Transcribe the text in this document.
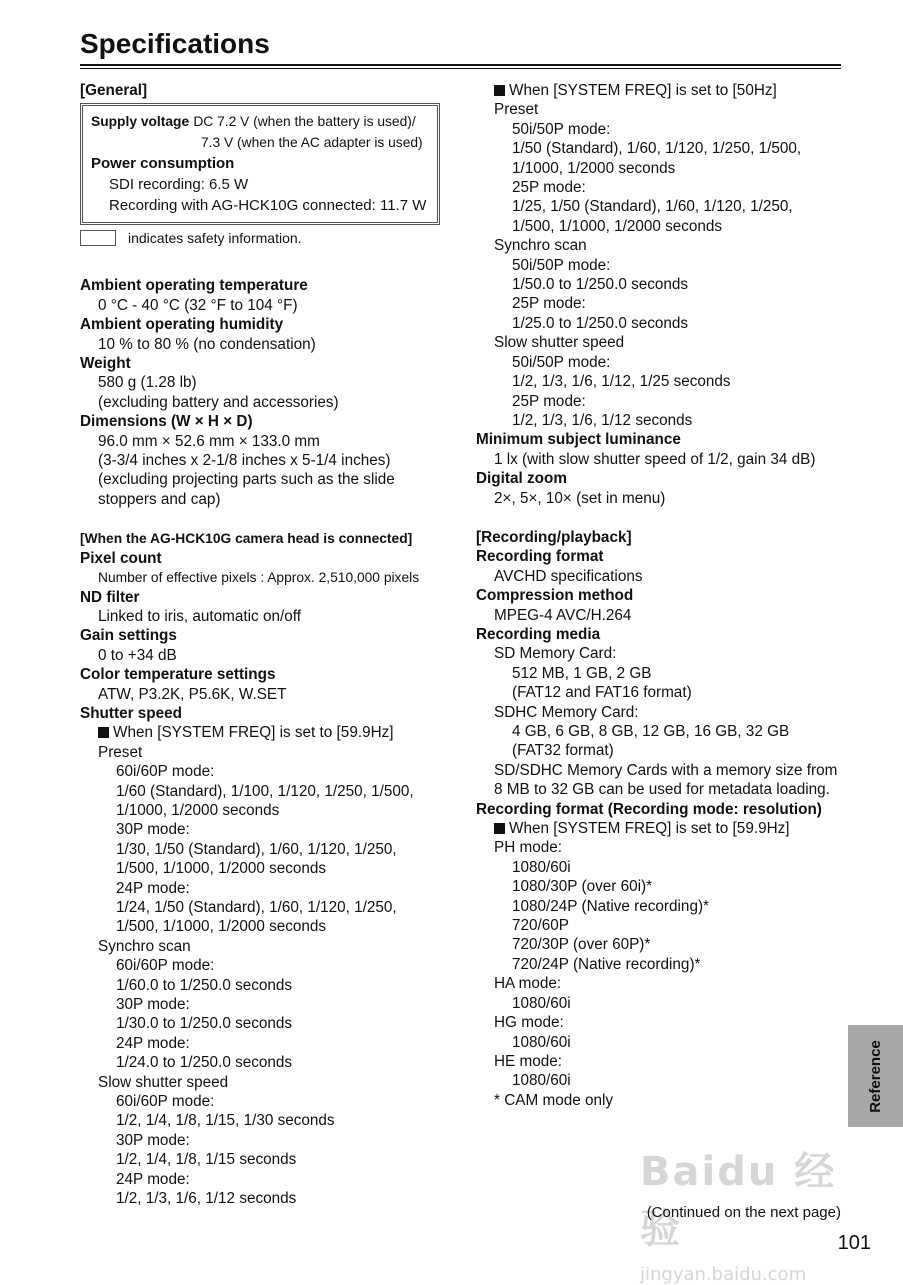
Specifications
[General]
Supply voltage DC 7.2 V (when the battery is used)/
7.3 V (when the AC adapter is used)
Power consumption
SDI recording: 6.5 W
Recording with AG-HCK10G connected: 11.7 W
indicates safety information.
Ambient operating temperature
0 °C - 40 °C (32 °F to 104 °F)
Ambient operating humidity
10 % to 80 % (no condensation)
Weight
580 g (1.28 lb)
(excluding battery and accessories)
Dimensions (W × H × D)
96.0 mm × 52.6 mm × 133.0 mm
(3-3/4 inches x 2-1/8 inches x 5-1/4 inches)
(excluding projecting parts such as the slide
stoppers and cap)
[When the AG-HCK10G camera head is connected]
Pixel count
Number of effective pixels : Approx. 2,510,000 pixels
ND filter
Linked to iris, automatic on/off
Gain settings
0 to +34 dB
Color temperature settings
ATW, P3.2K, P5.6K, W.SET
Shutter speed
When [SYSTEM FREQ] is set to [59.9Hz]
Preset
60i/60P mode:
1/60 (Standard), 1/100, 1/120, 1/250, 1/500,
1/1000, 1/2000 seconds
30P mode:
1/30, 1/50 (Standard), 1/60, 1/120, 1/250,
1/500, 1/1000, 1/2000 seconds
24P mode:
1/24, 1/50 (Standard), 1/60, 1/120, 1/250,
1/500, 1/1000, 1/2000 seconds
Synchro scan
60i/60P mode:
1/60.0 to 1/250.0 seconds
30P mode:
1/30.0 to 1/250.0 seconds
24P mode:
1/24.0 to 1/250.0 seconds
Slow shutter speed
60i/60P mode:
1/2, 1/4, 1/8, 1/15, 1/30 seconds
30P mode:
1/2, 1/4, 1/8, 1/15 seconds
24P mode:
1/2, 1/3, 1/6, 1/12 seconds
When [SYSTEM FREQ] is set to [50Hz]
Preset
50i/50P mode:
1/50 (Standard), 1/60, 1/120, 1/250, 1/500,
1/1000, 1/2000 seconds
25P mode:
1/25, 1/50 (Standard), 1/60, 1/120, 1/250,
1/500, 1/1000, 1/2000 seconds
Synchro scan
50i/50P mode:
1/50.0 to 1/250.0 seconds
25P mode:
1/25.0 to 1/250.0 seconds
Slow shutter speed
50i/50P mode:
1/2, 1/3, 1/6, 1/12, 1/25 seconds
25P mode:
1/2, 1/3, 1/6, 1/12 seconds
Minimum subject luminance
1 lx (with slow shutter speed of 1/2, gain 34 dB)
Digital zoom
2×, 5×, 10× (set in menu)
[Recording/playback]
Recording format
AVCHD specifications
Compression method
MPEG-4 AVC/H.264
Recording media
SD Memory Card:
512 MB, 1 GB, 2 GB
(FAT12 and FAT16 format)
SDHC Memory Card:
4 GB, 6 GB, 8 GB, 12 GB, 16 GB, 32 GB
(FAT32 format)
SD/SDHC Memory Cards with a memory size from
8 MB to 32 GB can be used for metadata loading.
Recording format (Recording mode: resolution)
When [SYSTEM FREQ] is set to [59.9Hz]
PH mode:
1080/60i
1080/30P (over 60i)*
1080/24P (Native recording)*
720/60P
720/30P (over 60P)*
720/24P (Native recording)*
HA mode:
1080/60i
HG mode:
1080/60i
HE mode:
1080/60i
* CAM mode only	Reference
Baidu 经验
jingyan.baidu.com
(Continued on the next page)
101
